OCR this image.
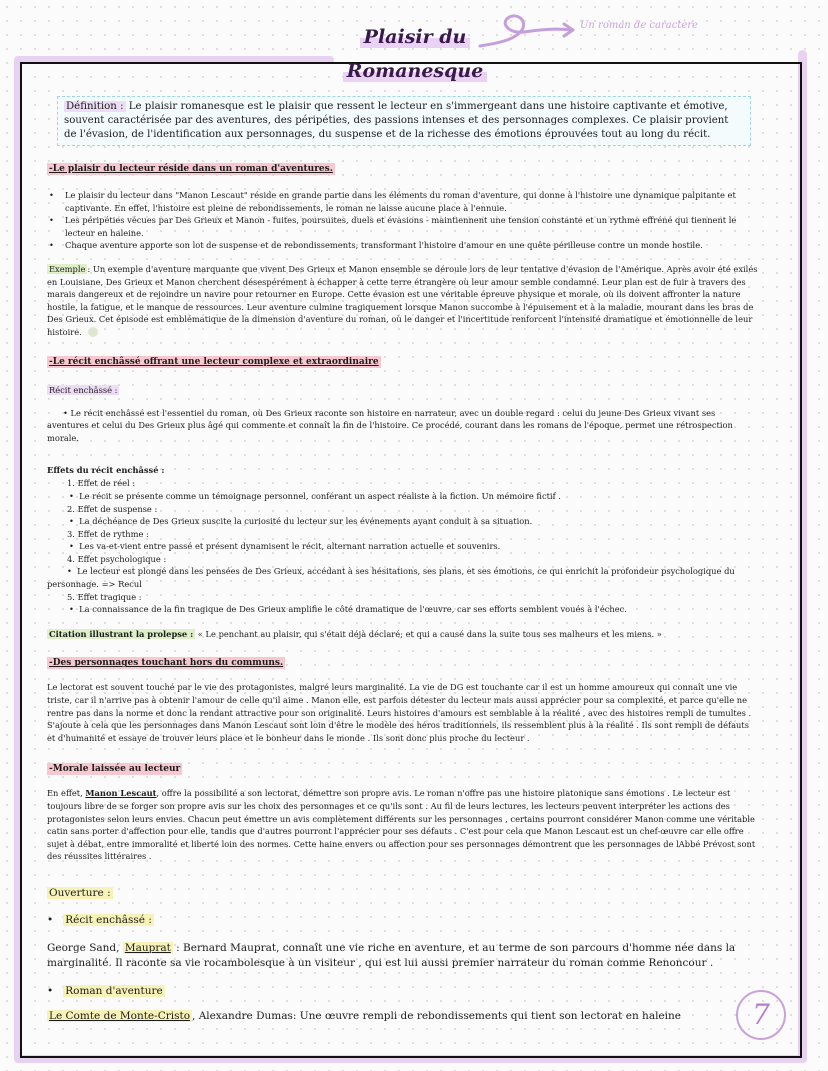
Plaisir du
Romanesque
Un roman de caractère
Définition : Le plaisir romanesque est le plaisir que ressent le lecteur en s'immergeant dans une histoire captivante et émotive, souvent caractérisée par des aventures, des péripéties, des passions intenses et des personnages complexes. Ce plaisir provient de l'évasion, de l'identification aux personnages, du suspense et de la richesse des émotions éprouvées tout au long du récit.
-Le plaisir du lecteur réside dans un roman d'aventures.
• Le plaisir du lecteur dans "Manon Lescaut" réside en grande partie dans les éléments du roman d'aventure, qui donne à l'histoire une dynamique palpitante et captivante. En effet, l'histoire est pleine de rebondissements, le roman ne laisse aucune place à l'ennuie.
• Les péripéties vécues par Des Grieux et Manon - fuites, poursuites, duels et évasions - maintiennent une tension constante et un rythme effréné qui tiennent le lecteur en haleine.
• Chaque aventure apporte son lot de suspense et de rebondissements, transformant l'histoire d'amour en une quête périlleuse contre un monde hostile.

Exemple : Un exemple d'aventure marquante que vivent Des Grieux et Manon ensemble se déroule lors de leur tentative d'évasion de l'Amérique. Après avoir été exilés en Louisiane, Des Grieux et Manon cherchent désespérément à échapper à cette terre étrangère où leur amour semble condamné. Leur plan est de fuir à travers des marais dangereux et de rejoindre un navire pour retourner en Europe. Cette évasion est une véritable épreuve physique et morale, où ils doivent affronter la nature hostile, la fatigue, et le manque de ressources. Leur aventure culmine tragiquement lorsque Manon succombe à l'épuisement et à la maladie, mourant dans les bras de Des Grieux. Cet épisode est emblématique de la dimension d'aventure du roman, où le danger et l'incertitude renforcent l'intensité dramatique et émotionnelle de leur histoire.

-Le récit enchâssé offrant une lecteur complexe et extraordinaire
Récit enchâssé :

• Le récit enchâssé est l'essentiel du roman, où Des Grieux raconte son histoire en narrateur, avec un double regard : celui du jeune Des Grieux vivant ses aventures et celui du Des Grieux plus âgé qui commente et connaît la fin de l'histoire. Ce procédé, courant dans les romans de l'époque, permet une rétrospection morale.

Effets du récit enchâssé :
1. Effet de réel :
•  Le récit se présente comme un témoignage personnel, conférant un aspect réaliste à la fiction. Un mémoire fictif .
2. Effet de suspense :
•  La déchéance de Des Grieux suscite la curiosité du lecteur sur les événements ayant conduit à sa situation.
3. Effet de rythme :
•  Les va-et-vient entre passé et présent dynamisent le récit, alternant narration actuelle et souvenirs.
4. Effet psychologique :
•  Le lecteur est plongé dans les pensées de Des Grieux, accédant à ses hésitations, ses plans, et ses émotions, ce qui enrichit la profondeur psychologique du personnage. => Recul
5. Effet tragique :
•  La connaissance de la fin tragique de Des Grieux amplifie le côté dramatique de l'œuvre, car ses efforts semblent voués à l'échec.

Citation illustrant la prolepse : « Le penchant au plaisir, qui s'était déjà déclaré; et qui a causé dans la suite tous ses malheurs et les miens. »

-Des personnages touchant hors du communs.

Le lectorat est souvent touché par le vie des protagonistes, malgré leurs marginalité. La vie de DG est touchante car il est un homme amoureux qui connaît une vie triste, car il n'arrive pas à obtenir l'amour de celle qu'il aime . Manon elle, est parfois détester du lecteur mais aussi apprécier pour sa complexité, et parce qu'elle ne rentre pas dans la norme et donc la rendant attractive pour son originalité. Leurs histoires d'amours est semblable à la réalité , avec des histoires rempli de tumultes . S'ajoute à cela que les personnages dans Manon Lescaut sont loin d'être le modèle des héros traditionnels, ils ressemblent plus à la réalité . Ils sont rempli de défauts et d'humanité et essaye de trouver leurs place et le bonheur dans le monde . Ils sont donc plus proche du lecteur .

-Morale laissée au lecteur

En effet, Manon Lescaut, offre la possibilité a son lectorat, démettre son propre avis. Le roman n'offre pas une histoire platonique sans émotions . Le lecteur est toujours libre de se forger son propre avis sur les choix des personnages et ce qu'ils sont . Au fil de leurs lectures, les lecteurs peuvent interpréter les actions des protagonistes selon leurs envies. Chacun peut émettre un avis complètement différents sur les personnages , certains pourront considérer Manon comme une véritable catin sans porter d'affection pour elle, tandis que d'autres pourront l'apprécier pour ses défauts . C'est pour cela que Manon Lescaut est un chef-œuvre car elle offre sujet à débat, entre immoralité et liberté loin des normes. Cette haine envers ou affection pour ses personnages démontrent que les personnages de lAbbé Prévost sont des réussites littéraires .

Ouverture :
•   Récit enchâssé :

George Sand, Mauprat : Bernard Mauprat, connaît une vie riche en aventure, et au terme de son parcours d'homme née dans la marginalité. Il raconte sa vie rocambolesque à un visiteur , qui est lui aussi premier narrateur du roman comme Renoncour .

•   Roman d'aventure

Le Comte de Monte-Cristo , Alexandre Dumas: Une œuvre rempli de rebondissements qui tient son lectorat en haleine	7
